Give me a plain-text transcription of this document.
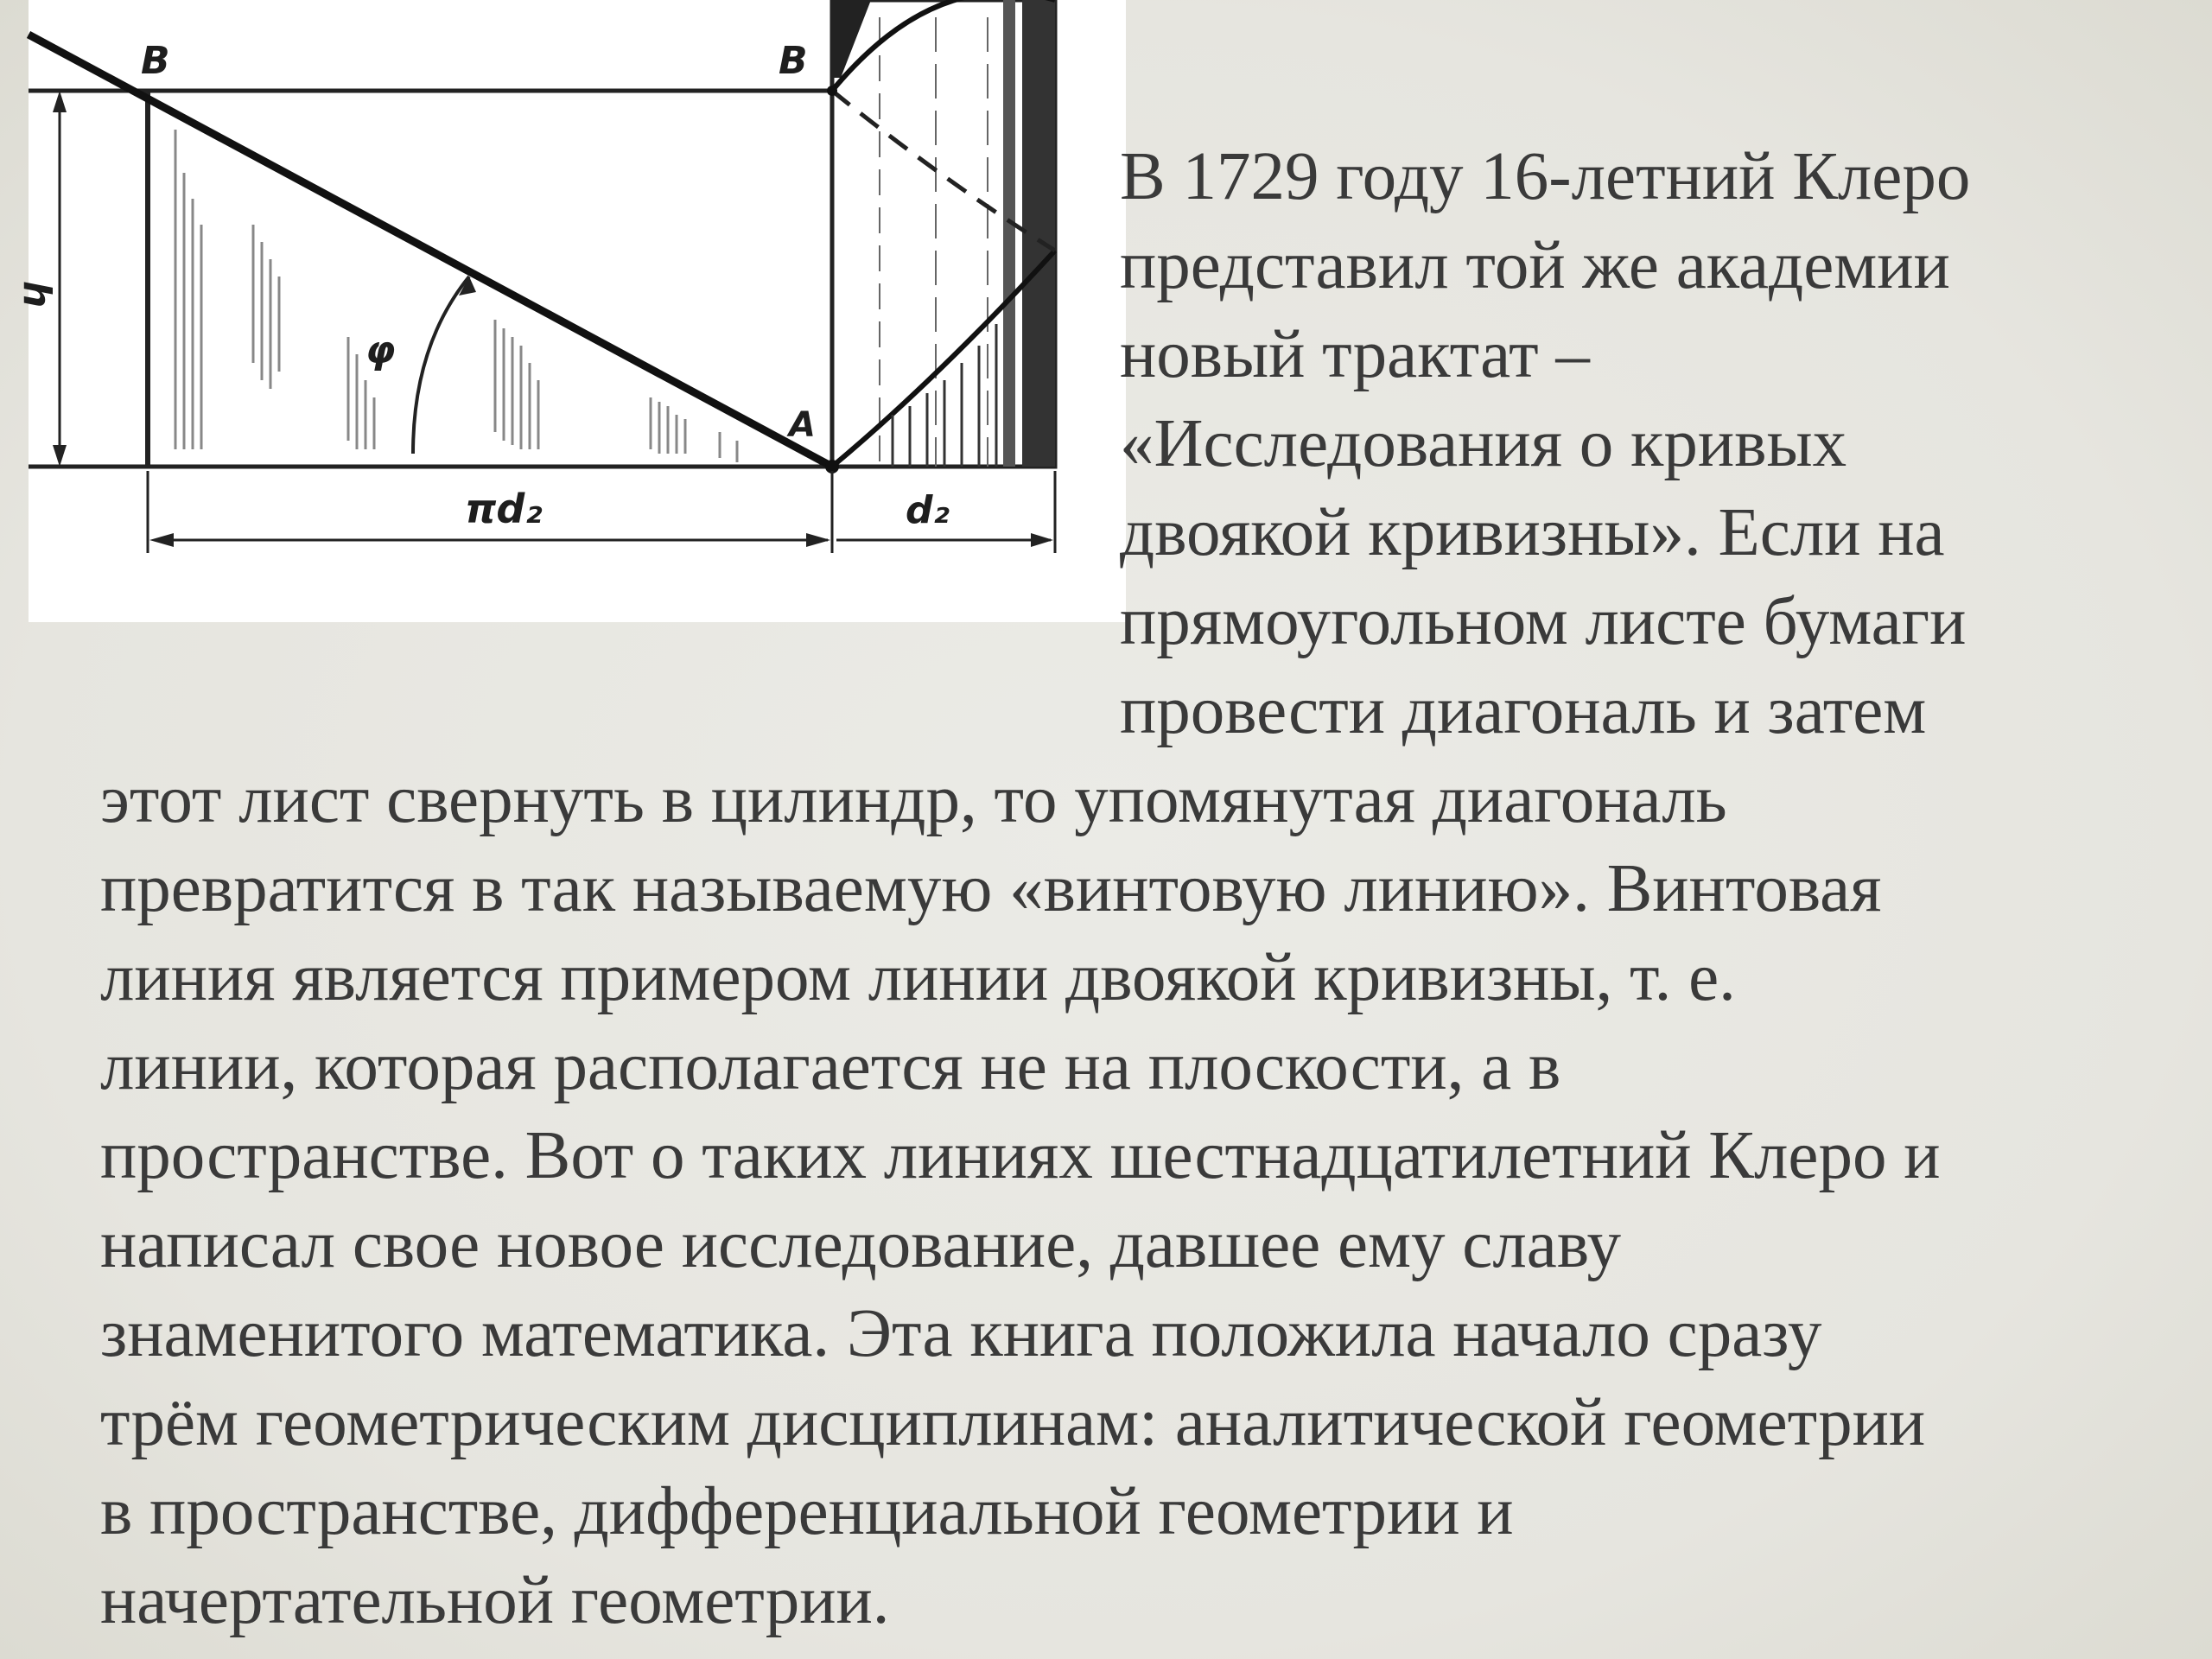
B	B
A
h
φ
πd₂	d₂
В 1729 году 16-летний Клеро
представил той же академии
новый трактат –
«Исследования о кривых
двоякой кривизны». Если на
прямоугольном листе бумаги
провести диагональ и затем
этот лист свернуть в цилиндр, то упомянутая диагональ
превратится в так называемую «винтовую линию». Винтовая
линия является примером линии двоякой кривизны, т. е.
линии, которая располагается не на плоскости, а в
пространстве. Вот о таких линиях шестнадцатилетний Клеро и
написал свое новое исследование, давшее ему славу
знаменитого математика. Эта книга положила начало сразу
трём геометрическим дисциплинам: аналитической геометрии
в пространстве, дифференциальной геометрии и
начертательной геометрии.
